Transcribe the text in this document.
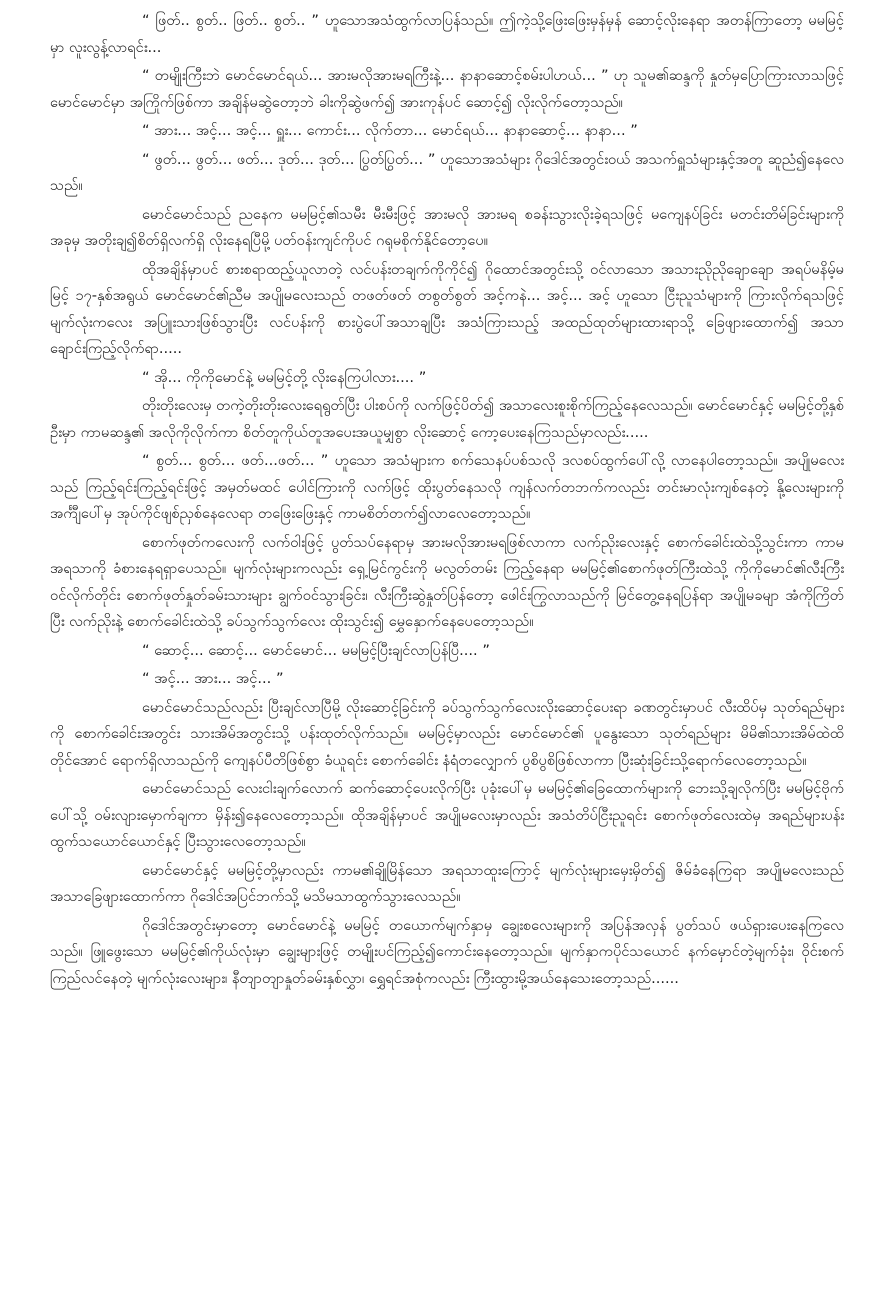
“ ဖြတ်.. စွတ်.. ဖြတ်.. စွတ်.. ” ဟူသောအသံထွက်လာပြန်သည်။ ဤကဲ့သို့ဖြေးဖြေးမှန်မှန် ဆောင့်လိုးနေရာ အတန်ကြာတော့ မမမြင့်မှာ လူးလွန့်လာရင်း...

“ တမျိုးကြီးဘဲ မောင်မောင်ရယ်... အားမလိုအားမရကြီးနဲ့... နာနာဆောင့်စမ်းပါဟယ်... ” ဟု သူမ၏ဆန္ဒကို နှုတ်မှပြောကြားလာသဖြင့် မောင်မောင်မှာ အကြိုက်ဖြစ်ကာ အချိန်မဆွဲတော့ဘဲ ခါးကိုဆွဲဖက်၍ အားကုန်ပင် ဆောင့်၍ လိုးလိုက်တော့သည်။

“ အား... အင့်... အင့်... ရှူး... ကောင်း... လိုက်တာ... မောင်ရယ်... နာနာဆောင့်... နာနာ... ”

“ ဖွတ်... ဖွတ်... ဖတ်... ဒုတ်... ဒုတ်... ပြွတ်ပြွတ်... ” ဟူသောအသံများ ဂိုဒေါင်အတွင်းဝယ် အသက်ရှူသံများနှင့်အတူ ဆူညံ၍နေလေသည်။

မောင်မောင်သည် ညနေက မမမြင့်၏သမီး မီးမီးဖြင့် အားမလို အားမရ စခန်းသွားလိုးခဲ့ရသဖြင့် မကျေနပ်ခြင်း မတင်းတိမ်ခြင်းများကို အခုမှ အတိုးချ၍စိတ်ရှိလက်ရှိ လိုးနေရပြီမို့ ပတ်ဝန်းကျင်ကိုပင် ဂရုမစိုက်နိုင်တော့ပေ။

ထိုအချိန်မှာပင် စားစရာထည့်ယူလာတဲ့ လင်ပန်းတချက်ကိုကိုင်၍ ဂိုထောင်အတွင်းသို့ ဝင်လာသော အသားညိုညိုချောချော အရပ်မနိမ့်မမြင့် ၁၇-နှစ်အရွယ် မောင်မောင်၏ညီမ အပျိုမလေးသည် တဖတ်ဖတ် တစွတ်စွတ် အင့်ကနဲ... အင့်... အင့် ဟူသော ငြီးညူသံများကို ကြားလိုက်ရသဖြင့် မျက်လုံးကလေး အပြူးသားဖြစ်သွားပြီး လင်ပန်းကို စားပွဲပေါ်အသာချပြီး အသံကြားသည့် အထည်ထုတ်များထားရာသို့ ခြေဖျားထောက်၍ အသာချောင်းကြည့်လိုက်ရာ.....

“ အို... ကိုကိုမောင်နဲ့ မမမြင့်တို့ လိုးနေကြပါလား.... ”

တိုးတိုးလေးမှ တကဲ့တိုးတိုးလေးရေရွတ်ပြီး ပါးစပ်ကို လက်ဖြင့်ပိတ်၍ အသာလေးစူးစိုက်ကြည့်နေလေသည်။ မောင်မောင်နှင့် မမမြင့်တို့နှစ်ဦးမှာ ကာမဆန္ဒ၏ အလိုကိုလိုက်ကာ စိတ်တူကိုယ်တူအပေးအယူမျှစွာ လိုးဆောင့် ကော့ပေးနေကြသည်မှာလည်း.....

“ စွတ်... စွတ်... ဖတ်...ဖတ်... ” ဟူသော အသံများက စက်သေနပ်ပစ်သလို ဒလစပ်ထွက်ပေါ်လို့ လာနေပါတော့သည်။ အပျိုမလေးသည် ကြည့်ရင်းကြည့်ရင်းဖြင့် အမှတ်မထင် ပေါင်ကြားကို လက်ဖြင့် ထိုးပွတ်နေသလို ကျန်လက်တဘက်ကလည်း တင်းမာလုံးကျစ်နေတဲ့ နို့လေးများကို အင်္ကျီပေါ်မှ အုပ်ကိုင်ဖျစ်ညှစ်နေလေရာ တဖြေးဖြေးနှင့် ကာမစိတ်တက်၍လာလေတော့သည်။

စောက်ဖုတ်ကလေးကို လက်ဝါးဖြင့် ပွတ်သပ်နေရာမှ အားမလိုအားမရဖြစ်လာကာ လက်ညိုးလေးနှင့် စောက်ခေါင်းထဲသို့သွင်းကာ ကာမအရသာကို ခံစားနေရရှာပေသည်။ မျက်လုံးများကလည်း ရှေ့မြင်ကွင်းကို မလွတ်တမ်း ကြည့်နေရာ မမမြင့်၏စောက်ဖုတ်ကြီးထဲသို့ ကိုကိုမောင်၏လီးကြီးဝင်လိုက်တိုင်း စောက်ဖုတ်နှုတ်ခမ်းသားများ ချွက်ဝင်သွားခြင်း၊ လီးကြီးဆွဲနှုတ်ပြန်တော့ ဖေါင်းကြွလာသည်ကို မြင်တွေ့နေရပြန်ရာ အပျိုမခမျာ အံကိုကြိတ်ပြီး လက်ညိုးနဲ့ စောက်ခေါင်းထဲသို့ ခပ်သွက်သွက်လေး ထိုးသွင်း၍ မွှေနှောက်နေပေတော့သည်။

“ ဆောင့်... ဆောင့်... မောင်မောင်... မမမြင့်ပြီးချင်လာပြန်ပြီ.... ”

“ အင့်... အား... အင့်... ”

မောင်မောင်သည်လည်း ပြီးချင်လာပြီမို့ လိုးဆောင့်ခြင်းကို ခပ်သွက်သွက်လေးလိုးဆောင့်ပေးရာ ခဏတွင်းမှာပင် လီးထိပ်မှ သုတ်ရည်များကို စောက်ခေါင်းအတွင်း သားအိမ်အတွင်းသို့ ပန်းထုတ်လိုက်သည်။ မမမြင့်မှာလည်း မောင်မောင်၏ ပူနွေးသော သုတ်ရည်များ မိမိ၏သားအိမ်ထဲထိတိုင်အောင် ရောက်ရှိလာသည်ကို ကျေနပ်ပီတိဖြစ်စွာ ခံယူရင်း စောက်ခေါင်း နံရံတလျှောက် ပွစိပွစိဖြစ်လာကာ ပြီးဆုံးခြင်းသို့ရောက်လေတော့သည်။

မောင်မောင်သည် လေးငါးချက်လောက် ဆက်ဆောင့်ပေးလိုက်ပြီး ပုခုံးပေါ်မှ မမမြင့်၏ခြေထောက်များကို ဘေးသို့ချလိုက်ပြီး မမမြင့်ဗိုက်ပေါ်သို့ ဝမ်းလျားမှောက်ချကာ မှိန်း၍နေလေတော့သည်။ ထိုအချိန်မှာပင် အပျိုမလေးမှာလည်း အသံတိပ်ငြီးညူရင်း စောက်ဖုတ်လေးထဲမှ အရည်များပန်းထွက်သယောင်ယောင်နှင့် ပြီးသွားလေတော့သည်။

မောင်မောင်နှင့် မမမြင့်တို့မှာလည်း ကာမ၏ချိုမြိန်သော အရသာထူးကြောင့် မျက်လုံးများမှေးမှိတ်၍ ဇိမ်ခံနေကြရာ အပျိုမလေးသည် အသာခြေဖျားထောက်ကာ ဂိုဒေါင်အပြင်ဘက်သို့ မသိမသာထွက်သွားလေသည်။

ဂိုဒေါင်အတွင်းမှာတော့ မောင်မောင်နဲ့ မမမြင့် တယောက်မျက်နှာမှ ချွေးစလေးများကို အပြန်အလှန် ပွတ်သပ် ဖယ်ရှားပေးနေကြလေသည်။ ဖြူဖွေးသော မမမြင့်၏ကိုယ်လုံးမှာ ချွေးများဖြင့် တမျိုးပင်ကြည့်၍ကောင်းနေတော့သည်။ မျက်နှာကပိုင်သယောင် နက်မှောင်တဲ့မျက်ခုံး၊ ဝိုင်းစက်ကြည်လင်နေတဲ့ မျက်လုံးလေးများ၊ နီတျာတျာနှုတ်ခမ်းနှစ်လွှာ၊ ရွှေရင်အစုံကလည်း ကြီးထွားမို့အယ်နေသေးတော့သည်......
